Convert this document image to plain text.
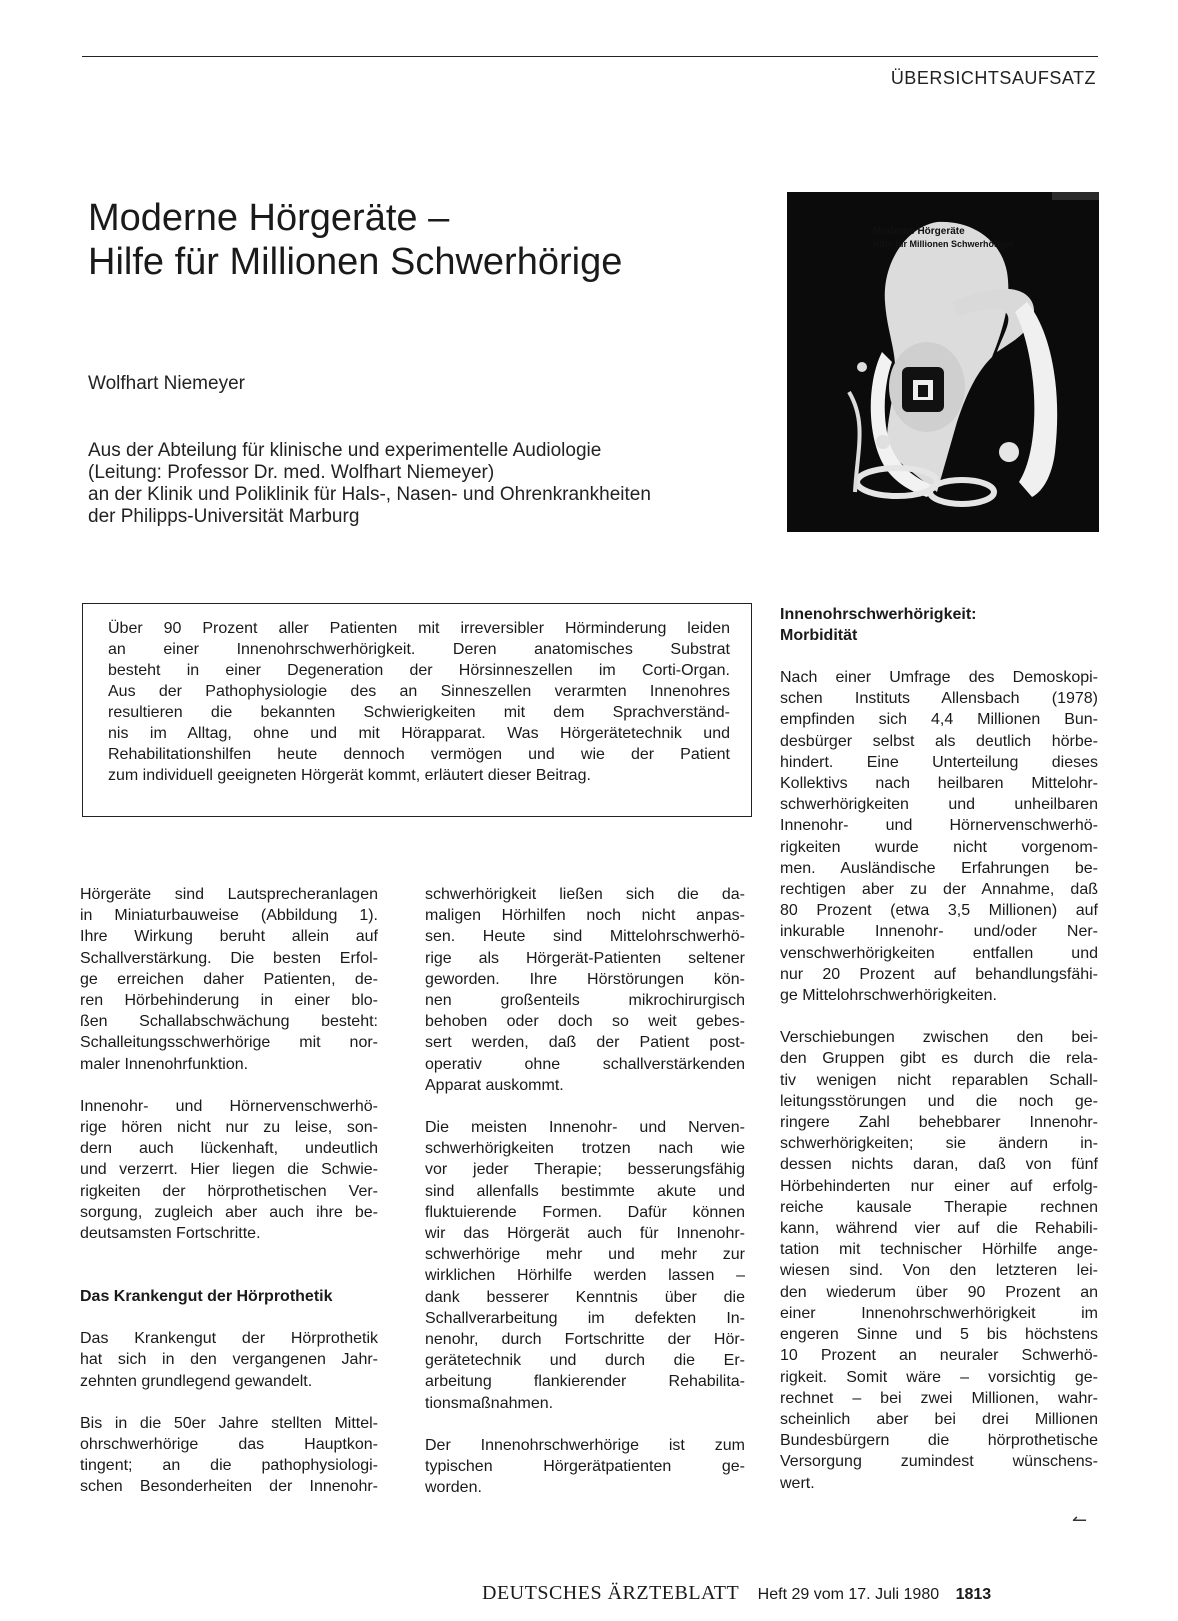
ÜBERSICHTSAUFSATZ
Moderne Hörgeräte –
Hilfe für Millionen Schwerhörige
Wolfhart Niemeyer
Aus der Abteilung für klinische und experimentelle Audiologie
(Leitung: Professor Dr. med. Wolfhart Niemeyer)
an der Klinik und Poliklinik für Hals-, Nasen- und Ohrenkrankheiten
der Philipps-Universität Marburg
Moderne Hörgeräte
Hilfe für Millionen Schwerhöriger
Über 90 Prozent aller Patienten mit irreversibler Hörminderung leiden
an einer Innenohrschwerhörigkeit. Deren anatomisches Substrat
besteht in einer Degeneration der Hörsinneszellen im Corti-Organ.
Aus der Pathophysiologie des an Sinneszellen verarmten Innenohres
resultieren die bekannten Schwierigkeiten mit dem Sprachverständ-
nis im Alltag, ohne und mit Hörapparat. Was Hörgerätetechnik und
Rehabilitationshilfen heute dennoch vermögen und wie der Patient
zum individuell geeigneten Hörgerät kommt, erläutert dieser Beitrag.
Hörgeräte sind Lautsprecheranlagen
in Miniaturbauweise (Abbildung 1).
Ihre Wirkung beruht allein auf
Schallverstärkung. Die besten Erfol-
ge erreichen daher Patienten, de-
ren Hörbehinderung in einer blo-
ßen Schallabschwächung besteht:
Schalleitungsschwerhörige mit nor-
maler Innenohrfunktion.
Innenohr- und Hörnervenschwerhö-
rige hören nicht nur zu leise, son-
dern auch lückenhaft, undeutlich
und verzerrt. Hier liegen die Schwie-
rigkeiten der hörprothetischen Ver-
sorgung, zugleich aber auch ihre be-
deutsamsten Fortschritte.
Das Krankengut der Hörprothetik
Das Krankengut der Hörprothetik
hat sich in den vergangenen Jahr-
zehnten grundlegend gewandelt.
Bis in die 50er Jahre stellten Mittel-
ohrschwerhörige das Hauptkon-
tingent; an die pathophysiologi-
schen Besonderheiten der Innenohr-
schwerhörigkeit ließen sich die da-
maligen Hörhilfen noch nicht anpas-
sen. Heute sind Mittelohrschwerhö-
rige als Hörgerät-Patienten seltener
geworden. Ihre Hörstörungen kön-
nen großenteils mikrochirurgisch
behoben oder doch so weit gebes-
sert werden, daß der Patient post-
operativ ohne schallverstärkenden
Apparat auskommt.
Die meisten Innenohr- und Nerven-
schwerhörigkeiten trotzen nach wie
vor jeder Therapie; besserungsfähig
sind allenfalls bestimmte akute und
fluktuierende Formen. Dafür können
wir das Hörgerät auch für Innenohr-
schwerhörige mehr und mehr zur
wirklichen Hörhilfe werden lassen –
dank besserer Kenntnis über die
Schallverarbeitung im defekten In-
nenohr, durch Fortschritte der Hör-
gerätetechnik und durch die Er-
arbeitung flankierender Rehabilita-
tionsmaßnahmen.
Der Innenohrschwerhörige ist zum
typischen Hörgerätpatienten ge-
worden.
Innenohrschwerhörigkeit:
Morbidität
Nach einer Umfrage des Demoskopi-
schen Instituts Allensbach (1978)
empfinden sich 4,4 Millionen Bun-
desbürger selbst als deutlich hörbe-
hindert. Eine Unterteilung dieses
Kollektivs nach heilbaren Mittelohr-
schwerhörigkeiten und unheilbaren
Innenohr- und Hörnervenschwerhö-
rigkeiten wurde nicht vorgenom-
men. Ausländische Erfahrungen be-
rechtigen aber zu der Annahme, daß
80 Prozent (etwa 3,5 Millionen) auf
inkurable Innenohr- und/oder Ner-
venschwerhörigkeiten entfallen und
nur 20 Prozent auf behandlungsfähi-
ge Mittelohrschwerhörigkeiten.
Verschiebungen zwischen den bei-
den Gruppen gibt es durch die rela-
tiv wenigen nicht reparablen Schall-
leitungsstörungen und die noch ge-
ringere Zahl behebbarer Innenohr-
schwerhörigkeiten; sie ändern in-
dessen nichts daran, daß von fünf
Hörbehinderten nur einer auf erfolg-
reiche kausale Therapie rechnen
kann, während vier auf die Rehabili-
tation mit technischer Hörhilfe ange-
wiesen sind. Von den letzteren lei-
den wiederum über 90 Prozent an
einer Innenohrschwerhörigkeit im
engeren Sinne und 5 bis höchstens
10 Prozent an neuraler Schwerhö-
rigkeit. Somit wäre – vorsichtig ge-
rechnet – bei zwei Millionen, wahr-
scheinlich aber bei drei Millionen
Bundesbürgern die hörprothetische
Versorgung zumindest wünschens-
wert.
↼
DEUTSCHES ÄRZTEBLATT Heft 29 vom 17. Juli 1980 1813
